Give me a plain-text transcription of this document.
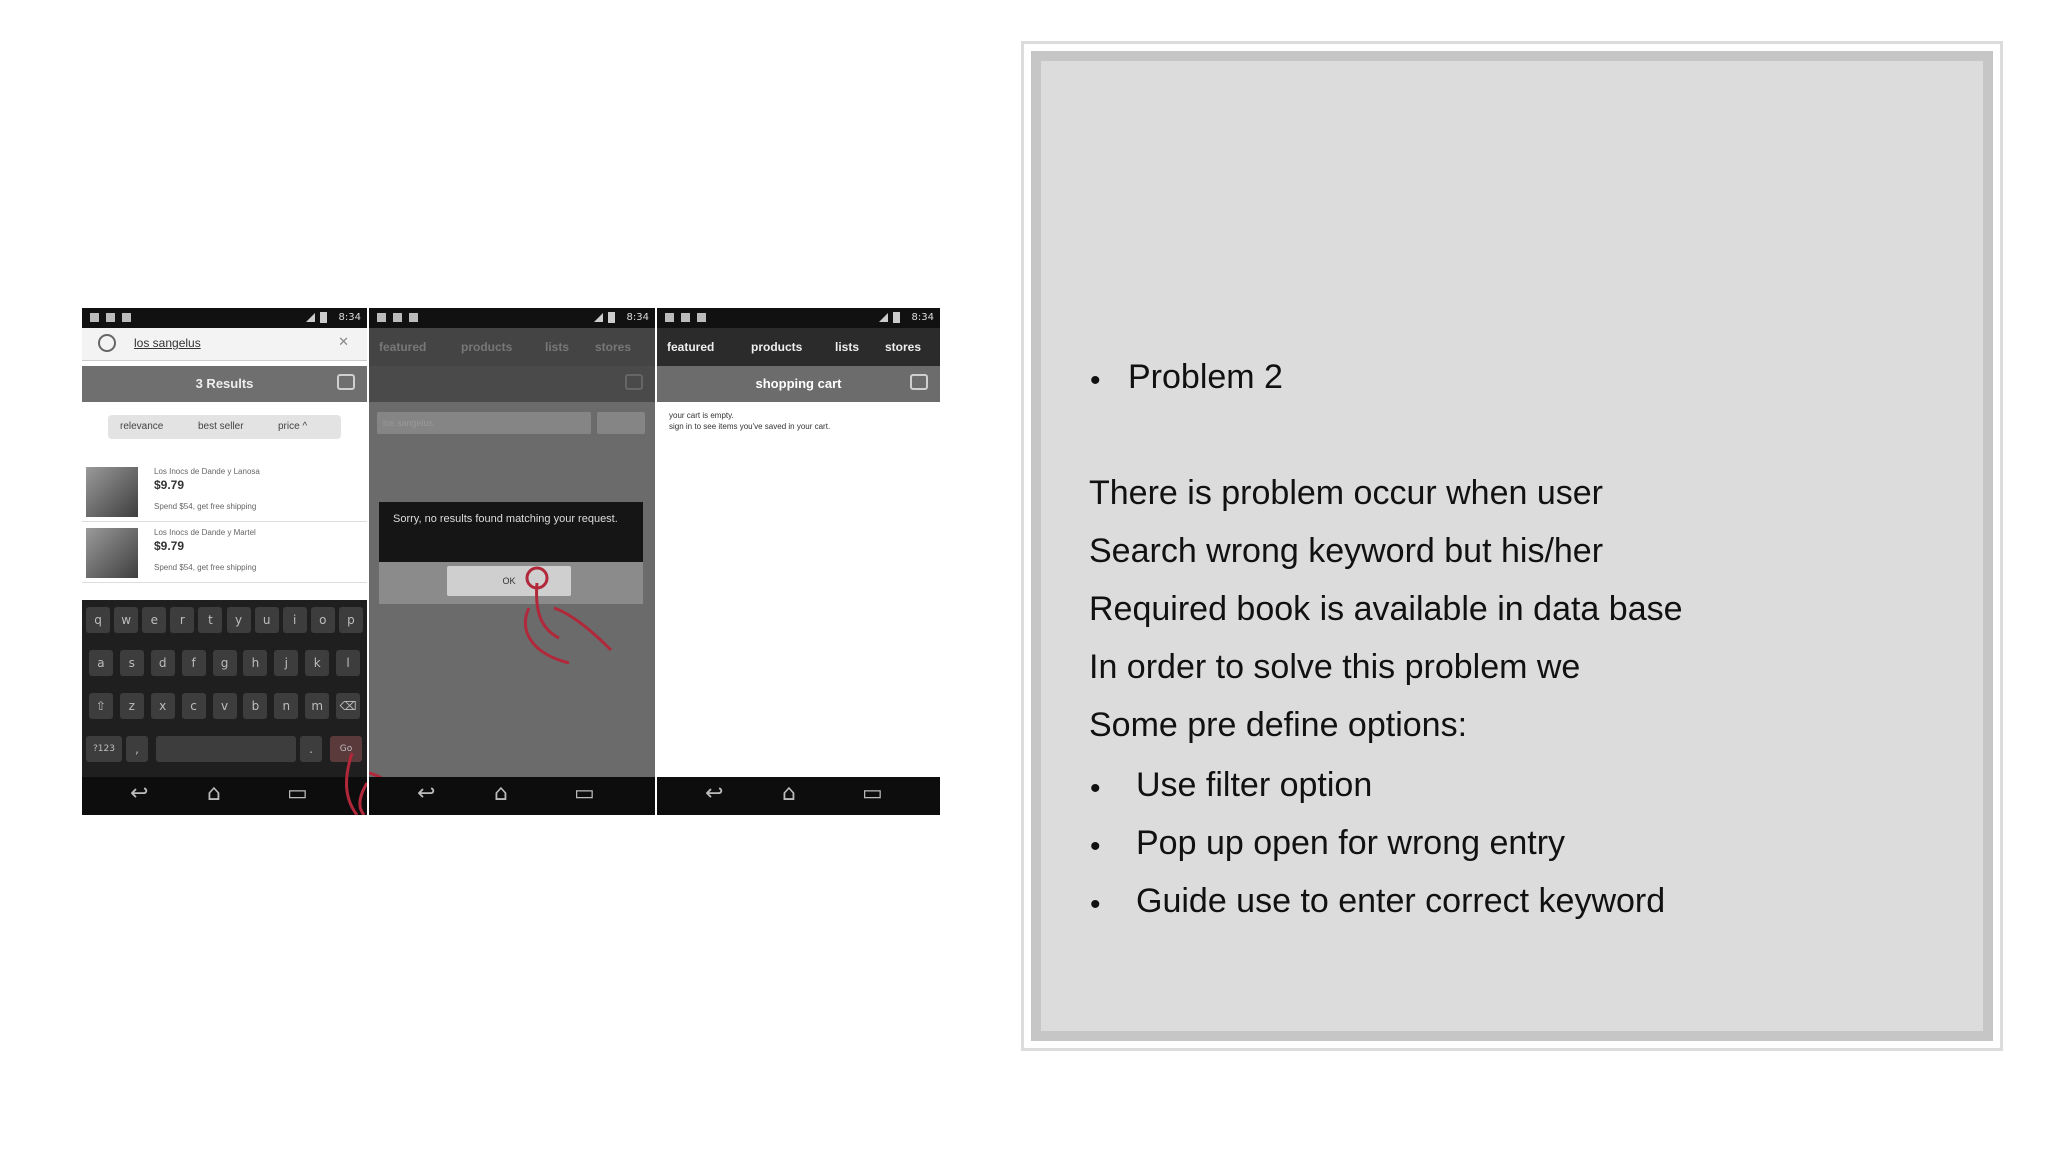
8:34
los sangelus	✕
3 Results
relevance	best seller	price ^
Los Inocs de Dande y Lanosa
$9.79
Spend $54, get free shipping
Los Inocs de Dande y Martel
$9.79
Spend $54, get free shipping
q	w	e	r	t	y	u	i	o	p
a	s	d	f	g	h	j	k	l
⇧	z	x	c	v	b	n	m	⌫
?123	,	.	Go
↩	⌂	▭
8:34
featured	products	lists stores
los sangelus
Sorry, no results found matching your request.
OK
↩	⌂	▭
8:34
featured	products	lists stores
shopping cart
your cart is empty.
sign in to see items you've saved in your cart.
↩	⌂	▭
• Problem 2
There is problem occur when user
Search wrong keyword but his/her
Required book is available in data base
In order to solve this problem we
Some pre define options:
• Use filter option
• Pop up open for wrong entry
• Guide use to enter correct keyword
